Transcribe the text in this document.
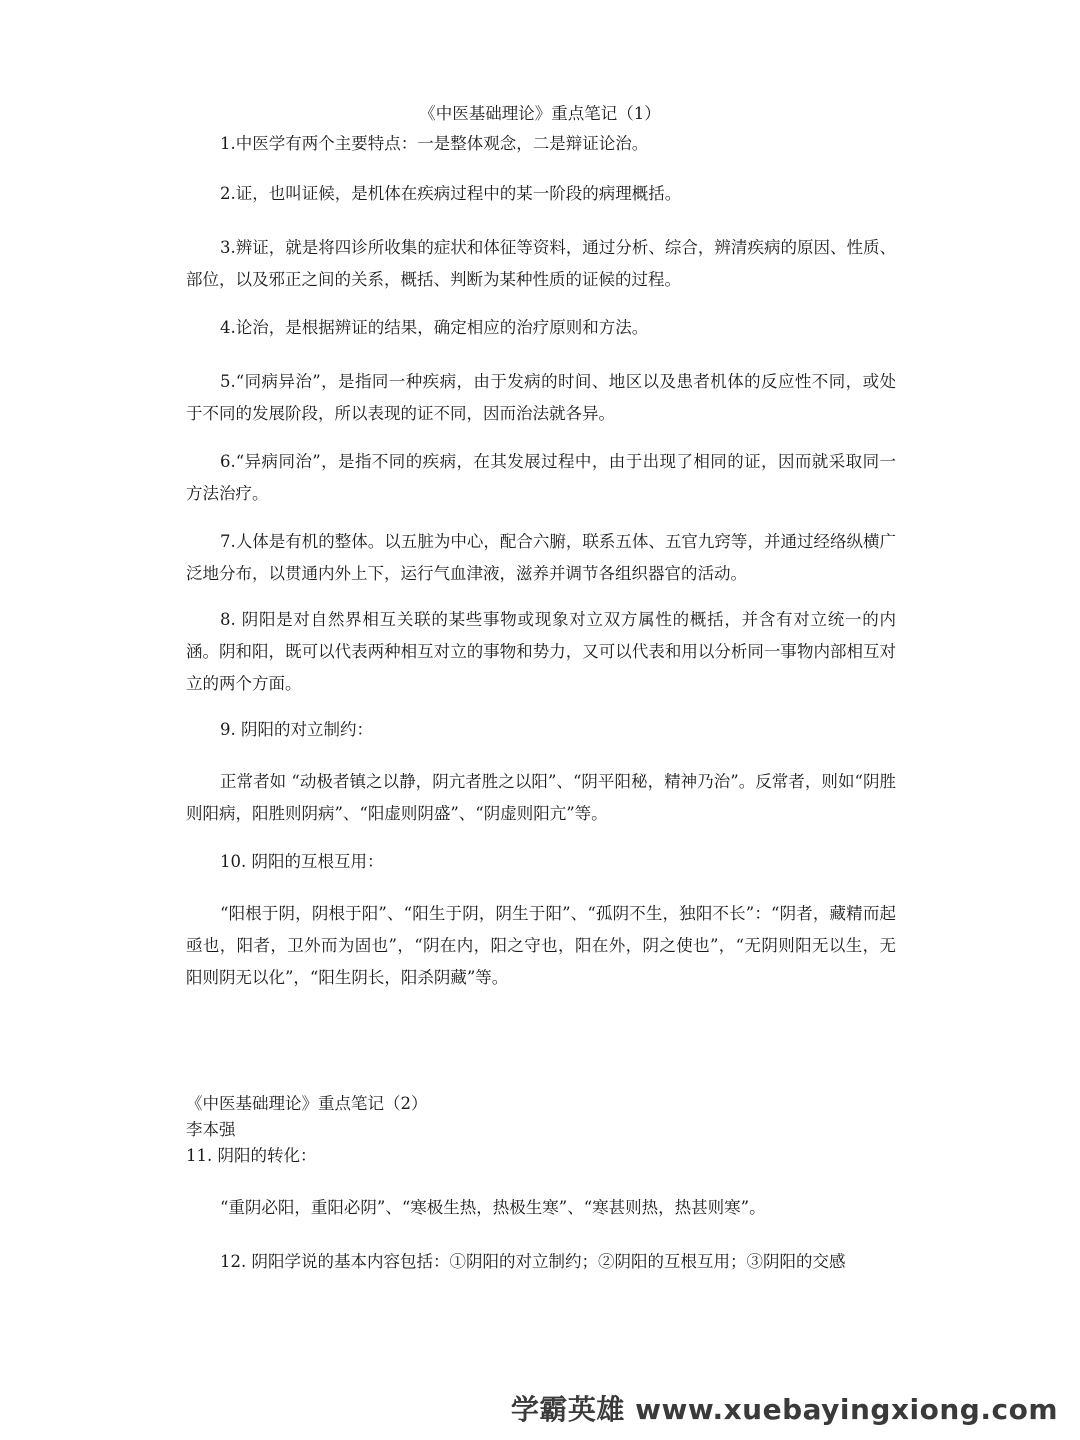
《中医基础理论》重点笔记（1）
1.中医学有两个主要特点：一是整体观念，二是辩证论治。
2.证，也叫证候，是机体在疾病过程中的某一阶段的病理概括。
3.辨证，就是将四诊所收集的症状和体征等资料，通过分析、综合，辨清疾病的原因、性质、部位，以及邪正之间的关系，概括、判断为某种性质的证候的过程。
4.论治，是根据辨证的结果，确定相应的治疗原则和方法。
5.“同病异治”，是指同一种疾病，由于发病的时间、地区以及患者机体的反应性不同，或处于不同的发展阶段，所以表现的证不同，因而治法就各异。
6.“异病同治”，是指不同的疾病，在其发展过程中，由于出现了相同的证，因而就采取同一方法治疗。
7.人体是有机的整体。以五脏为中心，配合六腑，联系五体、五官九窍等，并通过经络纵横广泛地分布，以贯通内外上下，运行气血津液，滋养并调节各组织器官的活动。
8. 阴阳是对自然界相互关联的某些事物或现象对立双方属性的概括，并含有对立统一的内涵。阴和阳，既可以代表两种相互对立的事物和势力，又可以代表和用以分析同一事物内部相互对立的两个方面。
9. 阴阳的对立制约：
正常者如 “动极者镇之以静，阴亢者胜之以阳”、“阴平阳秘，精神乃治”。反常者，则如“阴胜则阳病，阳胜则阴病”、“阳虚则阴盛”、“阴虚则阳亢”等。
10. 阴阳的互根互用：
“阳根于阴，阴根于阳”、“阳生于阴，阴生于阳”、“孤阴不生，独阳不长”：“阴者，藏精而起亟也，阳者，卫外而为固也”，“阴在内，阳之守也，阳在外，阴之使也”，“无阴则阳无以生，无阳则阴无以化”，“阳生阴长，阳杀阴藏”等。
《中医基础理论》重点笔记（2）
李本强
11. 阴阳的转化：
“重阴必阳，重阳必阴”、“寒极生热，热极生寒”、“寒甚则热，热甚则寒”。
12. 阴阳学说的基本内容包括：①阴阳的对立制约；②阴阳的互根互用；③阴阳的交感
学霸英雄 www.xuebayingxiong.com
